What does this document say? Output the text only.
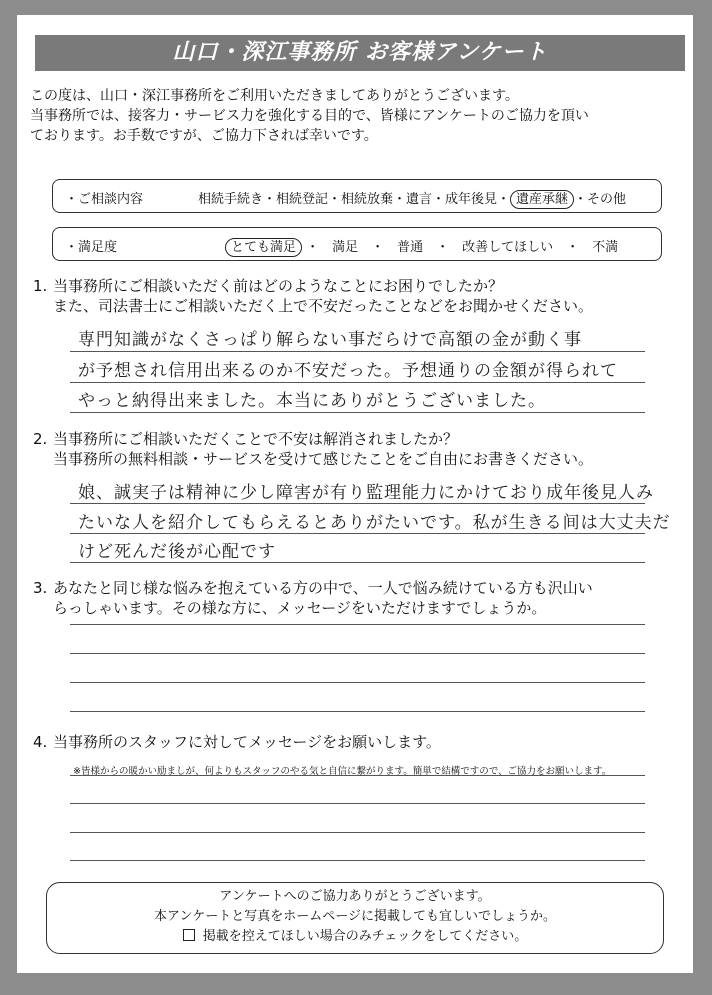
山口・深江事務所 お客様アンケート
この度は、山口・深江事務所をご利用いただきましてありがとうございます。
当事務所では、接客力・サービス力を強化する目的で、皆様にアンケートのご協力を頂い
ております。お手数ですが、ご協力下されば幸いです。
・ご相談内容	相続手続き・相続登記・相続放棄・遺言・成年後見・ 遺産承継 ・その他
・満足度	とても満足 ・　満足　・　普通　・　改善してほしい　・　不満
1. 当事務所にご相談いただく前はどのようなことにお困りでしたか？
また、司法書士にご相談いただく上で不安だったことなどをお聞かせください。
専門知識がなくさっぱり解らない事だらけで高額の金が動く事
が予想され信用出来るのか不安だった。予想通りの金額が得られて
やっと納得出来ました。本当にありがとうございました。
2. 当事務所にご相談いただくことで不安は解消されましたか？
当事務所の無料相談・サービスを受けて感じたことをご自由にお書きください。
娘、誠実子は精神に少し障害が有り監理能力にかけており成年後見人み
たいな人を紹介してもらえるとありがたいです。私が生きる间は大丈夫だ
けど死んだ後が心配です
3. あなたと同じ様な悩みを抱えている方の中で、一人で悩み続けている方も沢山い
らっしゃいます。その様な方に、メッセージをいただけますでしょうか。
4. 当事務所のスタッフに対してメッセージをお願いします。
※皆様からの暖かい励ましが、何よりもスタッフのやる気と自信に繋がります。簡単で結構ですので、ご協力をお願いします。
アンケートへのご協力ありがとうございます。
本アンケートと写真をホームページに掲載しても宜しいでしょうか。
掲載を控えてほしい場合のみチェックをしてください。
